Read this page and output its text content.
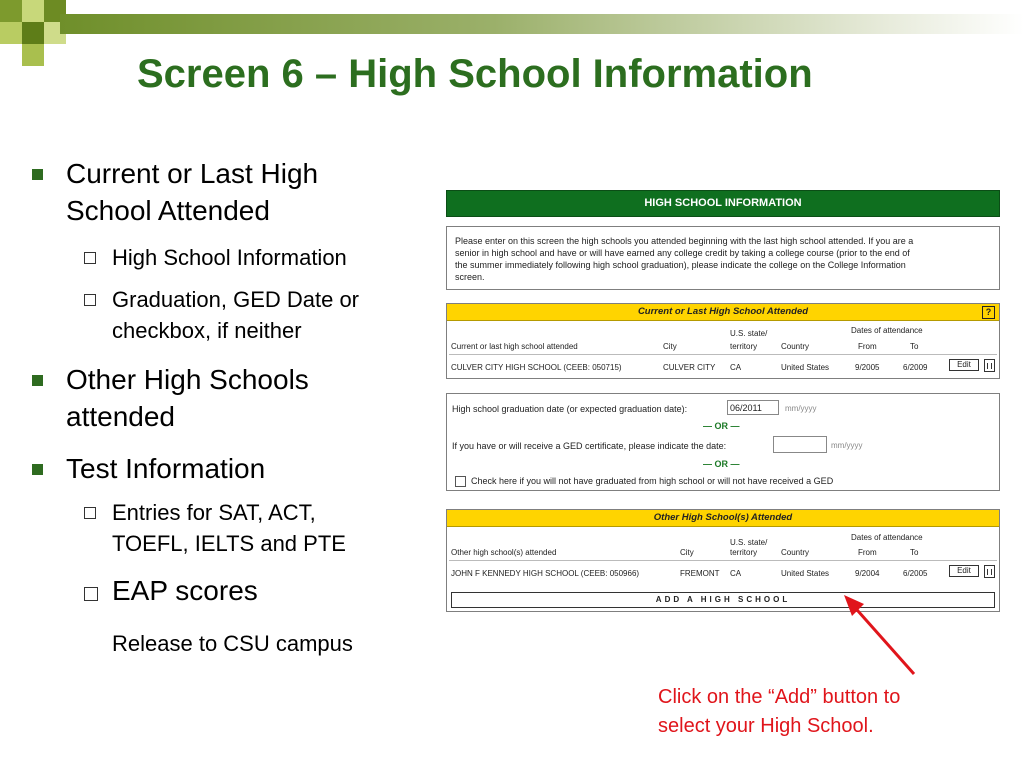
Screen 6 – High School Information
Current or Last High
School Attended
High School Information
Graduation, GED Date or
checkbox, if neither
Other High Schools
attended
Test Information
Entries for SAT, ACT,
TOEFL, IELTS and PTE
EAP scores
Release to CSU campus
HIGH SCHOOL INFORMATION
Please enter on this screen the high schools you attended beginning with the last high school attended. If you are a
senior in high school and have or will have earned any college credit by taking a college course (prior to the end of
the summer immediately following high school graduation), please indicate the college on the College Information
screen.
Current or Last High School Attended	?
U.S. state/	Dates of attendance
Current or last high school attended	City	territory	Country	From	To
CULVER CITY HIGH SCHOOL (CEEB: 050715)	CULVER CITY CA	United States	9/2005	6/2009	Edit
High school graduation date (or expected graduation date):	06/2011	mm/yyyy
— OR —
If you have or will receive a GED certificate, please indicate the date:	mm/yyyy
— OR —
Check here if you will not have graduated from high school or will not have received a GED
Other High School(s) Attended
U.S. state/
Dates of attendance
Other high school(s) attended	City	territory	Country	From	To
JOHN F KENNEDY HIGH SCHOOL (CEEB: 050966)	FREMONT CA	United States	9/2004	6/2005	Edit
ADD A HIGH SCHOOL
Click on the “Add” button to
select your High School.
